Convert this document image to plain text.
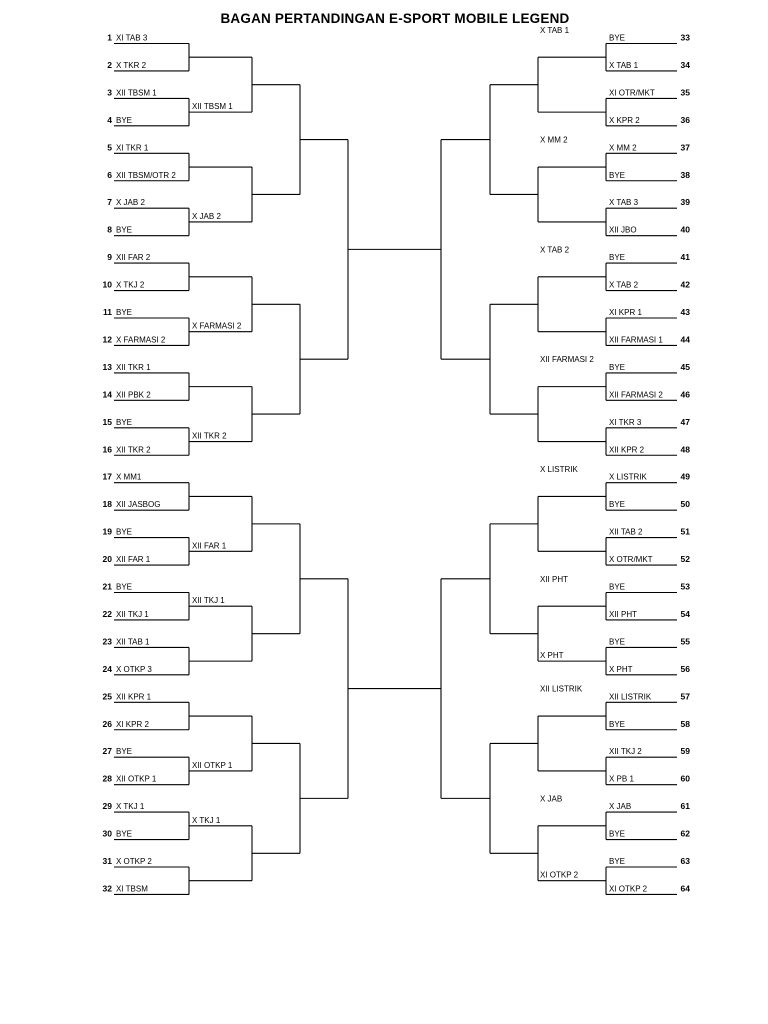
BAGAN PERTANDINGAN E-SPORT MOBILE LEGEND
1 XI TAB 3
2 X TKR 2
3 XII TBSM 1
4 BYE
5 XI TKR 1
6 XII TBSM/OTR 2
7 X JAB 2
8 BYE
9 XII FAR 2
10 X TKJ 2
11 BYE
12 X FARMASI 2
13 XII TKR 1
14 XII PBK 2
15 BYE
16 XII TKR 2
17 X MM1
18 XII JASBOG
19 BYE
20 XII FAR 1
21 BYE
22 XII TKJ 1
23 XII TAB 1
24 X OTKP 3
25 XII KPR 1
26 XI KPR 2
27 BYE
28 XII OTKP 1
29 X TKJ 1
30 BYE
31 X OTKP 2
32 XI TBSM
XII TBSM 1
X JAB 2
X FARMASI 2
XII TKR 2
XII FAR 1
XII TKJ 1
XII OTKP 1
X TKJ 1
33
BYE
34
X TAB 1
35
XI OTR/MKT
36
X KPR 2
37
X MM 2
38
BYE
39
X TAB 3
40
XII JBO
41
BYE
42
X TAB 2
43
XI KPR 1
44
XII FARMASI 1
45
BYE
46
XII FARMASI 2
47
XI TKR 3
48
XII KPR 2
49
X LISTRIK
50
BYE
51
XII TAB 2
52
X OTR/MKT
53
BYE
54
XII PHT
55
BYE
56
X PHT
57
XII LISTRIK
58
BYE
59
XII TKJ 2
60
X PB 1
61
X JAB
62
BYE
63
BYE
64
XI OTKP 2
X TAB 1
X MM 2
X TAB 2
XII FARMASI 2
X LISTRIK
XII PHT
X PHT
XII LISTRIK
X JAB
XI OTKP 2
